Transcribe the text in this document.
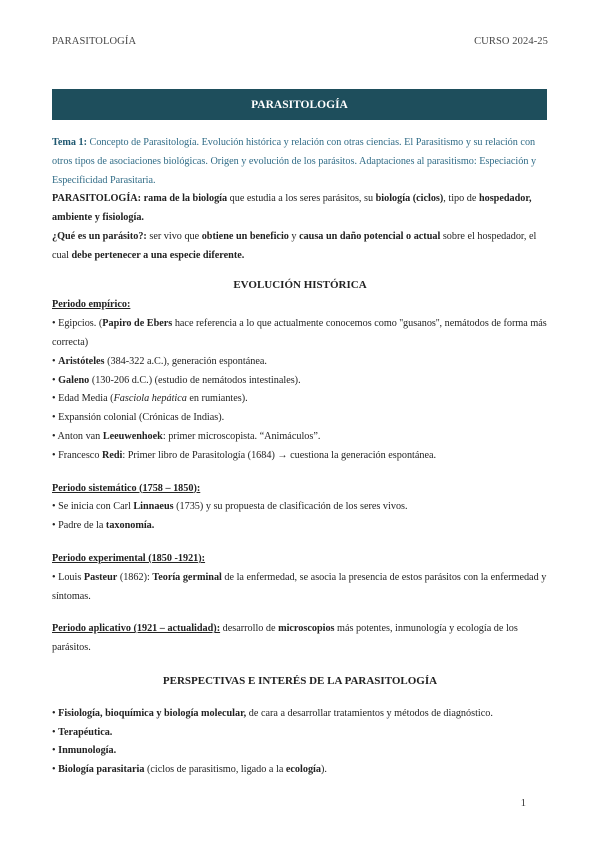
PARASITOLOGÍA	CURSO 2024-25
PARASITOLOGÍA

Tema 1: Concepto de Parasitología. Evolución histórica y relación con otras ciencias. El Parasitismo y su relación con otros tipos de asociaciones biológicas. Origen y evolución de los parásitos. Adaptaciones al parasitismo: Especiación y Especificidad Parasitaria.

PARASITOLOGÍA: rama de la biología que estudia a los seres parásitos, su biología (ciclos), tipo de hospedador, ambiente y fisiología.

¿Qué es un parásito?: ser vivo que obtiene un beneficio y causa un daño potencial o actual sobre el hospedador, el cual debe pertenecer a una especie diferente.

EVOLUCIÓN HISTÓRICA

Periodo empírico:

• Egipcios. (Papiro de Ebers hace referencia a lo que actualmente conocemos como ''gusanos'', nemátodos de forma más correcta)
• Aristóteles (384-322 a.C.), generación espontánea.
• Galeno (130-206 d.C.) (estudio de nemátodos intestinales).
• Edad Media (Fasciola hepática en rumiantes).
• Expansión colonial (Crónicas de Indias).
• Anton van Leeuwenhoek: primer microscopista. “Animáculos”.
• Francesco Redi: Primer libro de Parasitología (1684) → cuestiona la generación espontánea.

Periodo sistemático (1758 – 1850):

• Se inicia con Carl Linnaeus (1735) y su propuesta de clasificación de los seres vivos.
• Padre de la taxonomía.

Periodo experimental (1850 -1921):

• Louis Pasteur (1862): Teoría germinal de la enfermedad, se asocia la presencia de estos parásitos con la enfermedad y síntomas.

Periodo aplicativo (1921 – actualidad): desarrollo de microscopios más potentes, inmunología y ecología de los parásitos.

PERSPECTIVAS E INTERÉS DE LA PARASITOLOGÍA
• Fisiología, bioquímica y biología molecular, de cara a desarrollar tratamientos y métodos de diagnóstico.
• Terapéutica.
• Inmunología.
• Biología parasitaria (ciclos de parasitismo, ligado a la ecología).
1
